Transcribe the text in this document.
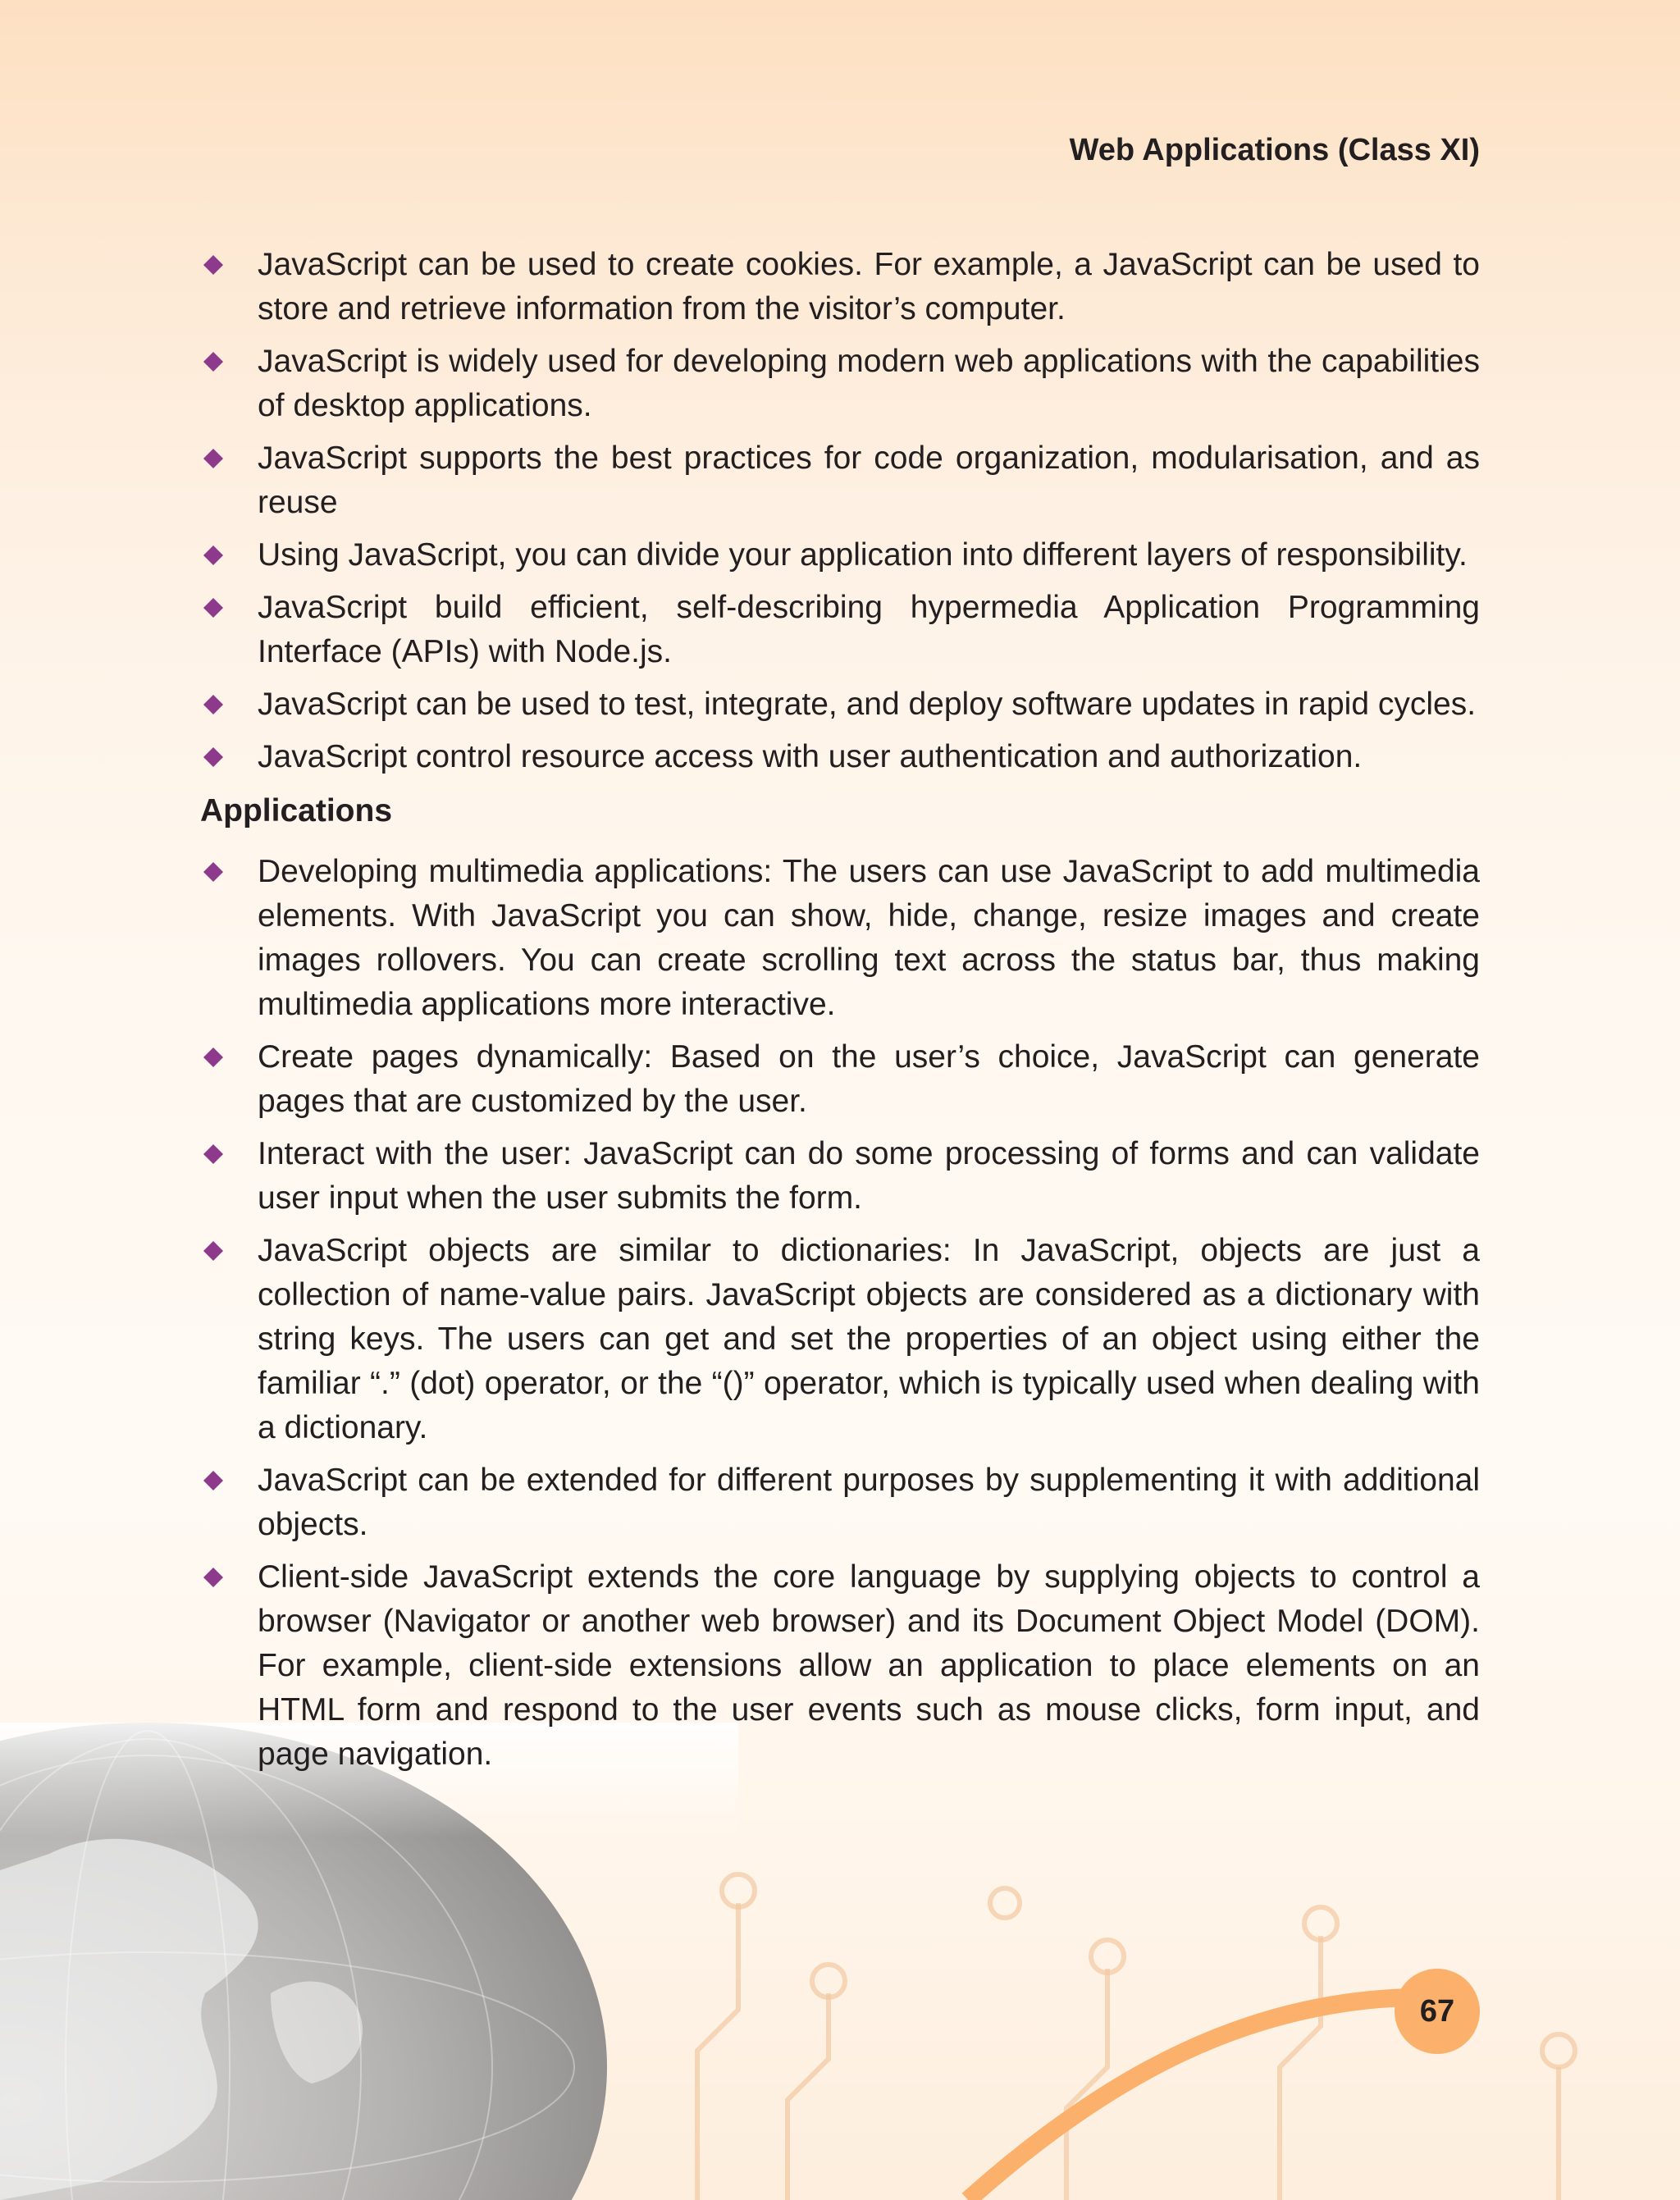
Web Applications (Class XI)
JavaScript can be used to create cookies. For example, a JavaScript can be used to store and retrieve information from the visitor’s computer.
JavaScript is widely used for developing modern web applications with the capabilities of desktop applications.
JavaScript supports the best practices for code organization, modularisation, and as reuse
Using JavaScript, you can divide your application into different layers of responsibility.
JavaScript build efficient, self-describing hypermedia Application Programming Interface (APIs) with Node.js.
JavaScript can be used to test, integrate, and deploy software updates in rapid cycles.
JavaScript control resource access with user authentication and authorization.
Applications
Developing multimedia applications: The users can use JavaScript to add multimedia elements. With JavaScript you can show, hide, change, resize images and create images rollovers. You can create scrolling text across the status bar, thus making multimedia applications more interactive.
Create pages dynamically: Based on the user’s choice, JavaScript can generate pages that are customized by the user.
Interact with the user: JavaScript can do some processing of forms and can validate user input when the user submits the form.
JavaScript objects are similar to dictionaries: In JavaScript, objects are just a collection of name-value pairs. JavaScript objects are considered as a dictionary with string keys. The users can get and set the properties of an object using either the familiar “.” (dot) operator, or the “()” operator, which is typically used when dealing with a dictionary.
JavaScript can be extended for different purposes by supplementing it with additional objects.
Client-side JavaScript extends the core language by supplying objects to control a browser (Navigator or another web browser) and its Document Object Model (DOM). For example, client-side extensions allow an application to place elements on an HTML form and respond to the user events such as mouse clicks, form input, and page navigation.
67
